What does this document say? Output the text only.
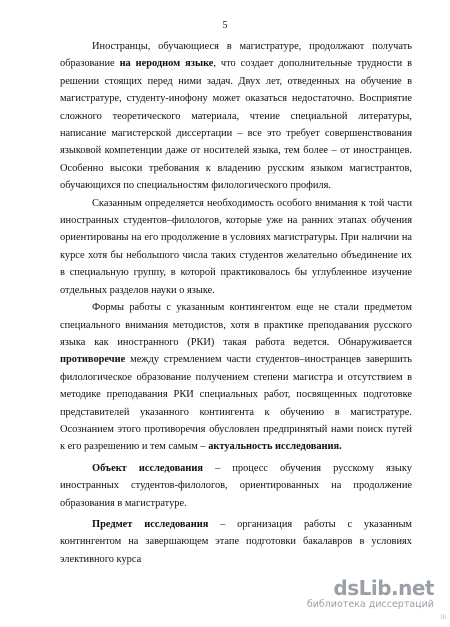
5

Иностранцы, обучающиеся в магистратуре, продолжают получать образование на неродном языке, что создает дополнительные трудности в решении стоящих перед ними задач. Двух лет, отведенных на обучение в магистратуре, студенту-инофону может оказаться недостаточно. Восприятие сложного теоретического материала, чтение специальной литературы, написание магистерской диссертации – все это требует совершенствования языковой компетенции даже от носителей языка, тем более – от иностранцев. Особенно высоки требования к владению русским языком магистрантов, обучающихся по специальностям филологического профиля.

Сказанным определяется необходимость особого внимания к той части иностранных студентов–филологов, которые уже на ранних этапах обучения ориентированы на его продолжение в условиях магистратуры. При наличии на курсе хотя бы небольшого числа таких студентов желательно объединение их в специальную группу, в которой практиковалось бы углубленное изучение отдельных разделов науки о языке.

Формы работы с указанным контингентом еще не стали предметом специального внимания методистов, хотя в практике преподавания русского языка как иностранного (РКИ) такая работа ведется. Обнаруживается противоречие между стремлением части студентов–иностранцев завершить филологическое образование получением степени магистра и отсутствием в методике преподавания РКИ специальных работ, посвященных подготовке представителей указанного контингента к обучению в магистратуре. Осознанием этого противоречия обусловлен предпринятый нами поиск путей к его разрешению и тем самым – актуальность исследования.

Объект исследования – процесс обучения русскому языку иностранных студентов-филологов, ориентированных на продолжение образования в магистратуре.

Предмет исследования – организация работы с указанным контингентом на завершающем этапе подготовки бакалавров в условиях элективного курса

dsLib.net
библиотека диссертаций
III
